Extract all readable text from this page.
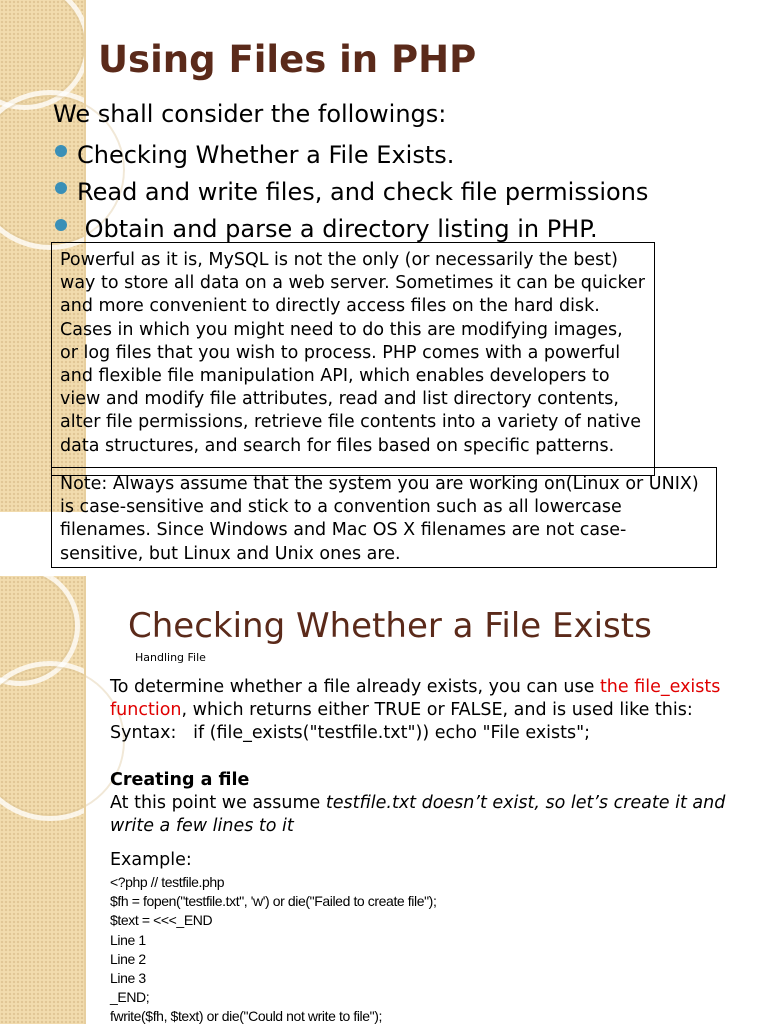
Using Files in PHP
We shall consider the followings:
Checking Whether a File Exists.
Read and write files, and check file permissions
Obtain and parse a directory listing in PHP.
Powerful as it is, MySQL is not the only (or necessarily the best) way to store all data on a web server. Sometimes it can be quicker and more convenient to directly access files on the hard disk. Cases in which you might need to do this are modifying images, or log files that you wish to process. PHP comes with a powerful and flexible file manipulation API, which enables developers to view and modify file attributes, read and list directory contents, alter file permissions, retrieve file contents into a variety of native data structures, and search for files based on specific patterns.
Note: Always assume that the system you are working on(Linux or UNIX) is case-sensitive and stick to a convention such as all lowercase filenames. Since Windows and Mac OS X filenames are not case-sensitive, but Linux and Unix ones are.
Checking Whether a File Exists
Handling File
To determine whether a file already exists, you can use the file_exists function, which returns either TRUE or FALSE, and is used like this:
Syntax:   if (file_exists("testfile.txt")) echo "File exists";
Creating a file
At this point we assume testfile.txt doesn’t exist, so let’s create it and write a few lines to it
Example:
<?php // testfile.php
$fh = fopen("testfile.txt", 'w') or die("Failed to create file");
$text = <<<_END
Line 1
Line 2
Line 3
_END;
fwrite($fh, $text) or die("Could not write to file");
